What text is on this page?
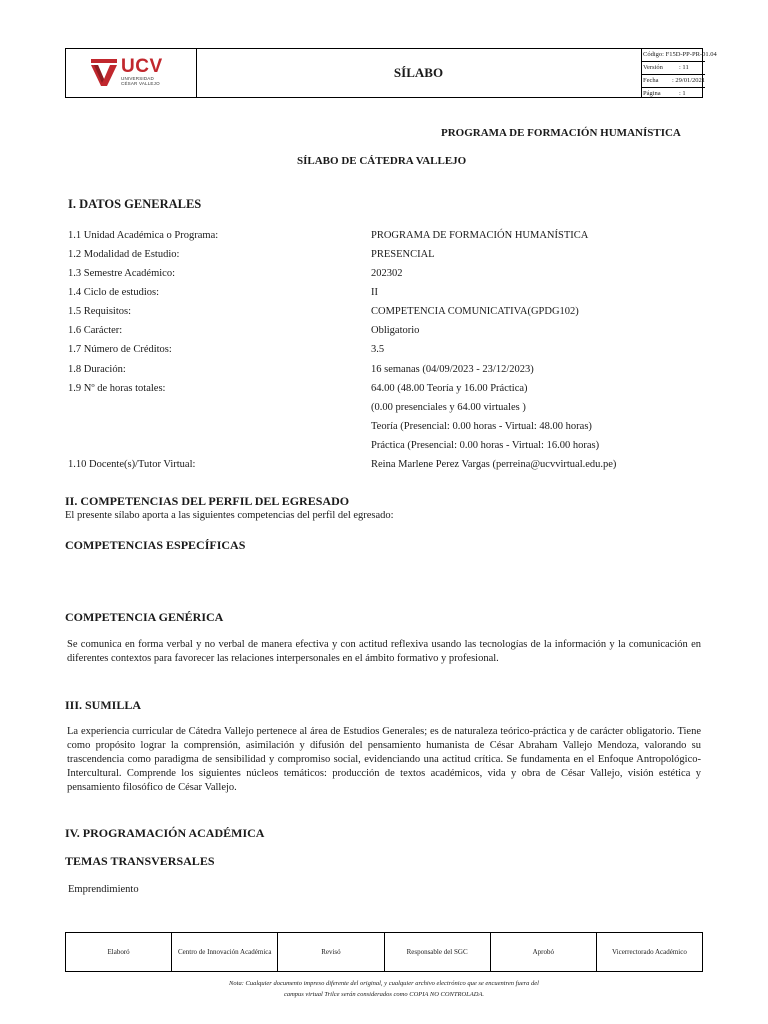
UCV
UNIVERSIDAD
CÉSAR VALLEJO
SÍLABO
Código : F15D-PP-PR-01.04
Versión	: 11
Fecha	: 29/01/2021
Página	: 1
PROGRAMA DE FORMACIÓN HUMANÍSTICA
SÍLABO DE CÁTEDRA VALLEJO
I. DATOS GENERALES
1.1 Unidad Académica o Programa:	PROGRAMA DE FORMACIÓN HUMANÍSTICA
1.2 Modalidad de Estudio:	PRESENCIAL
1.3 Semestre Académico:	202302
1.4 Ciclo de estudios:	II
1.5 Requisitos:	COMPETENCIA COMUNICATIVA(GPDG102)
1.6 Carácter:	Obligatorio
1.7 Número de Créditos:	3.5
1.8 Duración:	16 semanas (04/09/2023 - 23/12/2023)
1.9 Nº de horas totales:	64.00 (48.00 Teoría y 16.00 Práctica)
(0.00 presenciales y 64.00 virtuales )
Teoría (Presencial: 0.00 horas - Virtual: 48.00 horas)
Práctica (Presencial: 0.00 horas - Virtual: 16.00 horas)
1.10 Docente(s)/Tutor Virtual:	Reina Marlene Perez Vargas (perreina@ucvvirtual.edu.pe)
II. COMPETENCIAS DEL PERFIL DEL EGRESADO
El presente sílabo aporta a las siguientes competencias del perfil del egresado:
COMPETENCIAS ESPECÍFICAS
COMPETENCIA GENÉRICA
Se comunica en forma verbal y no verbal de manera efectiva y con actitud reflexiva usando las tecnologías de la información y la comunicación en diferentes contextos para favorecer las relaciones interpersonales en el ámbito formativo y profesional.
III. SUMILLA
La experiencia curricular de Cátedra Vallejo pertenece al área de Estudios Generales; es de naturaleza teórico-práctica y de carácter obligatorio. Tiene como propósito lograr la comprensión, asimilación y difusión del pensamiento humanista de César Abraham Vallejo Mendoza, valorando su trascendencia como paradigma de sensibilidad y compromiso social, evidenciando una actitud crítica. Se fundamenta en el Enfoque Antropológico-Intercultural. Comprende los siguientes núcleos temáticos: producción de textos académicos, vida y obra de César Vallejo, visión estética y pensamiento filosófico de César Vallejo.
IV. PROGRAMACIÓN ACADÉMICA
TEMAS TRANSVERSALES
Emprendimiento
Elaboró	Centro de Innovación Académica	Revisó	Responsable del SGC	Aprobó	Vicerrectorado Académico
Nota: Cualquier documento impreso diferente del original, y cualquier archivo electrónico que se encuentren fuera del
campus virtual Trilce serán considerados como COPIA NO CONTROLADA.
